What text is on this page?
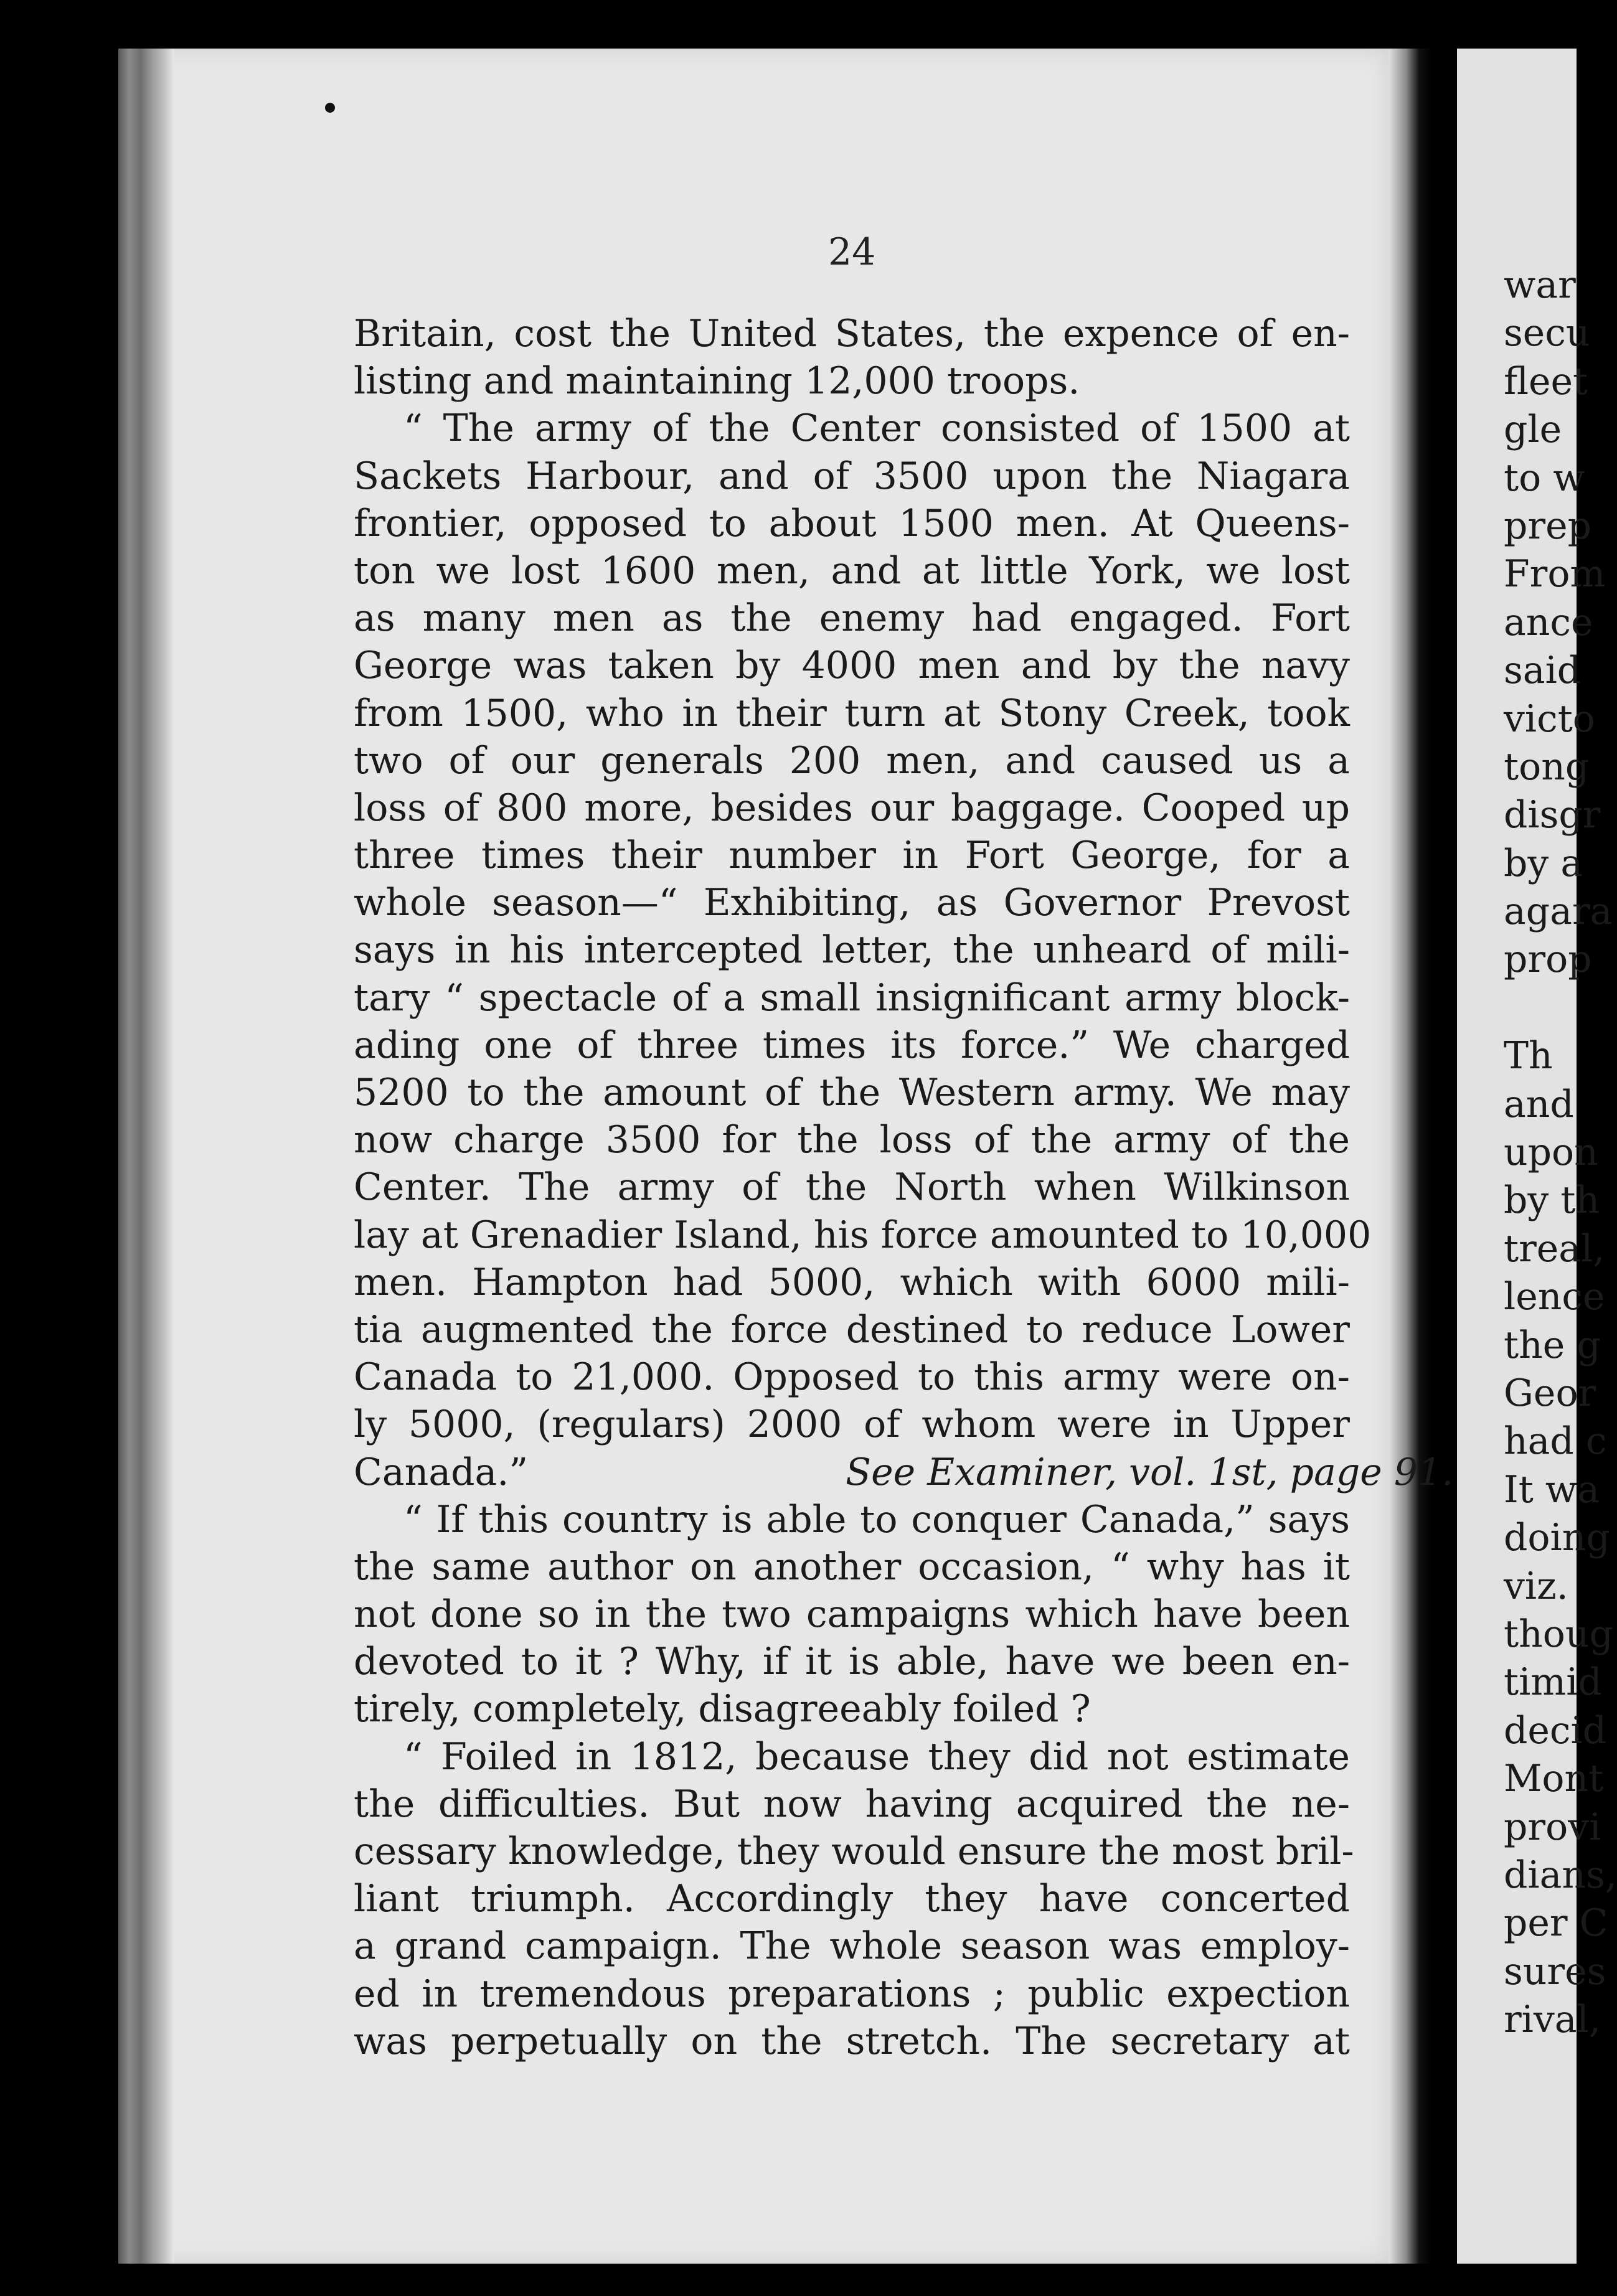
24
Britain, cost the United States, the expence of en-
listing and maintaining 12,000 troops.
“ The army of the Center consisted of 1500 at
Sackets Harbour, and of 3500 upon the Niagara
frontier, opposed to about 1500 men. At Queens-
ton we lost 1600 men, and at little York, we lost
as many men as the enemy had engaged. Fort
George was taken by 4000 men and by the navy
from 1500, who in their turn at Stony Creek, took
two of our generals 200 men, and caused us a
loss of 800 more, besides our baggage. Cooped up
three times their number in Fort George, for a
whole season—“ Exhibiting, as Governor Prevost
says in his intercepted letter, the unheard of mili-
tary “ spectacle of a small insignificant army block-
ading one of three times its force.” We charged
5200 to the amount of the Western army. We may
now charge 3500 for the loss of the army of the
Center. The army of the North when Wilkinson
lay at Grenadier Island, his force amounted to 10,000
men. Hampton had 5000, which with 6000 mili-
tia augmented the force destined to reduce Lower
Canada to 21,000. Opposed to this army were on-
ly 5000, (regulars) 2000 of whom were in Upper
Canada.”	See Examiner, vol. 1st, page 91.
“ If this country is able to conquer Canada,” says
the same author on another occasion, “ why has it
not done so in the two campaigns which have been
devoted to it ? Why, if it is able, have we been en-
tirely, completely, disagreeably foiled ?
“ Foiled in 1812, because they did not estimate
the difficulties. But now having acquired the ne-
cessary knowledge, they would ensure the most bril-
liant triumph. Accordingly they have concerted
a grand campaign. The whole season was employ-
ed in tremendous preparations ; public expection
was perpetually on the stretch. The secretary at
war
secu
fleet
gle
to w
prep
From
ance
said
victo
tong
disgr
by a
agara
prop
Th
and
upon
by th
treal,
lence
the g
Geor
had c
It wa
doing
viz.
thoug
timid
decid
Mont
provi
dians,
per C
sures
rival,
